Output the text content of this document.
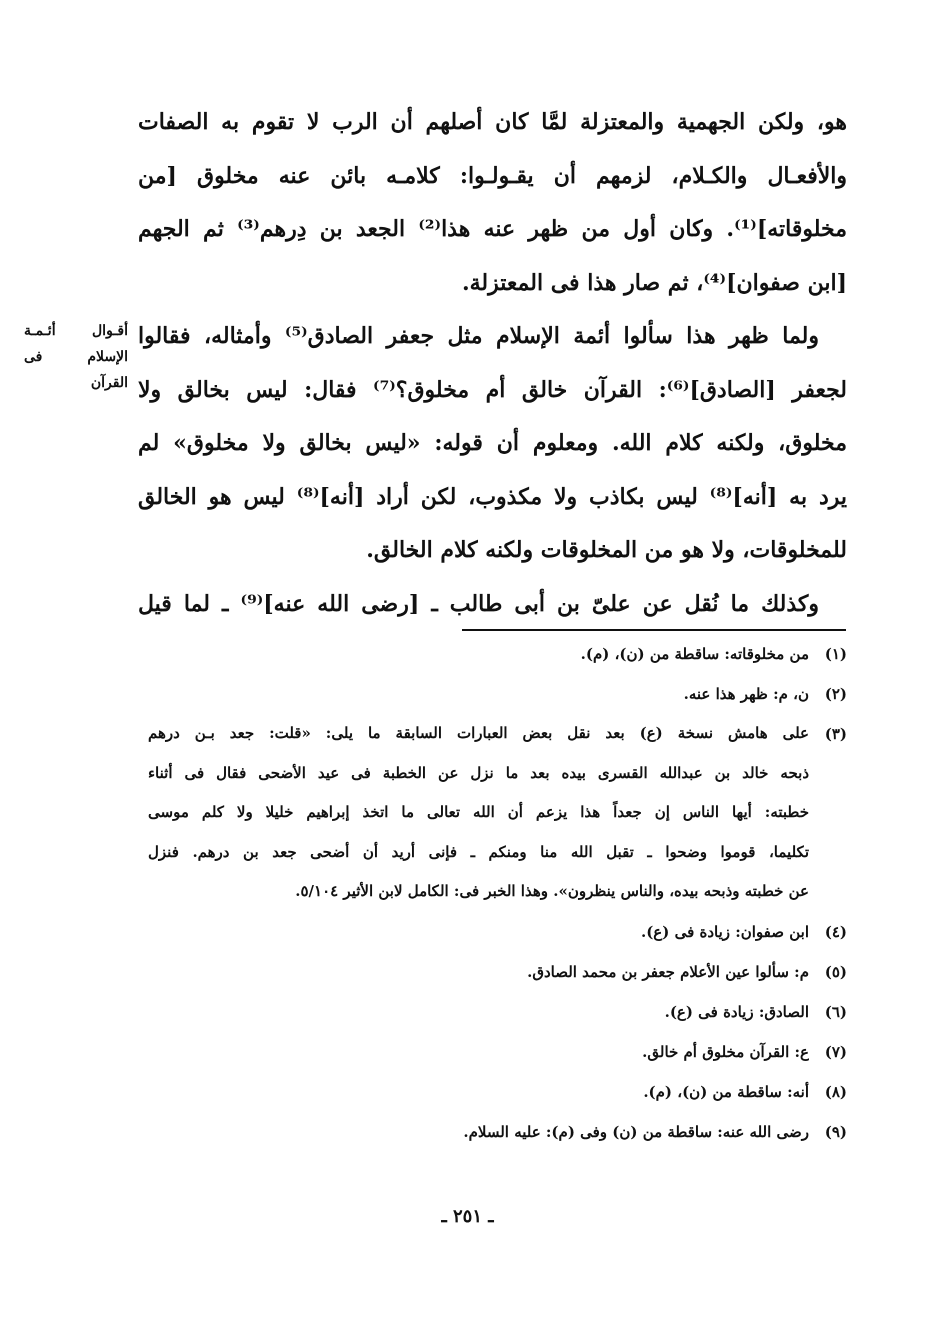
هو، ولكن الجهمية والمعتزلة لمَّا كان أصلهم أن الرب لا تقوم به الصفات
والأفعـال والكـلام، لزمهم أن يقـولـوا: كلامـه بائن عنه مخلوق [من
مخلوقاته]⁽¹⁾. وكان أول من ظهر عنه هذا⁽²⁾ الجعد بن دِرهم⁽³⁾ ثم الجهم
[ابن صفوان]⁽⁴⁾، ثم صار هذا فى المعتزلة.
ولما ظهر هذا سألوا أئمة الإسلام مثل جعفر الصادق⁽⁵⁾ وأمثاله، فقالوا
لجعفر [الصادق]⁽⁶⁾: القرآن خالق أم مخلوق؟⁽⁷⁾ فقال: ليس بخالق ولا
مخلوق، ولكنه كلام الله. ومعلوم أن قوله: «ليس بخالق ولا مخلوق» لم
يرد به [أنه]⁽⁸⁾ ليس بكاذب ولا مكذوب، لكن أراد [أنه]⁽⁸⁾ ليس هو الخالق
للمخلوقات، ولا هو من المخلوقات ولكنه كلام الخالق.
وكذلك ما نُقل عن علىّ بن أبى طالب ـ [رضى الله عنه]⁽⁹⁾ ـ لما قيل
أقـوال أئـمـة
الإسلام فى
القرآن
(١)
من مخلوقاته: ساقطة من (ن)، (م).
(٢)
ن، م: ظهر هذا عنه.
(٣)
على هامش نسخة (ع) بعد نقل بعض العبارات السابقة ما يلى: «قلت: جعد بـن درهم
ذبحه خالد بن عبدالله القسرى بيده بعد ما نزل عن الخطبة فى عيد الأضحى فقال فى أثناء
خطبته: أيها الناس إن جعداً هذا يزعم أن الله تعالى ما اتخذ إبراهيم خليلا ولا كلم موسى
تكليما، قوموا وضحوا ـ تقبل الله منا ومنكم ـ فإنى أريد أن أضحى جعد بن درهم. فنزل
عن خطبته وذبحه بيده، والناس ينظرون». وهذا الخبر فى: الكامل لابن الأثير ٥/١٠٤.
(٤)
ابن صفوان: زيادة فى (ع).
(٥)
م: سألوا عين الأعلام جعفر بن محمد الصادق.
(٦)
الصادق: زيادة فى (ع).
(٧)
ع: القرآن مخلوق أم خالق.
(٨)
أنه: ساقطة من (ن)، (م).
(٩)
رضى الله عنه: ساقطة من (ن) وفى (م): عليه السلام.
ـ ٢٥١ ـ
